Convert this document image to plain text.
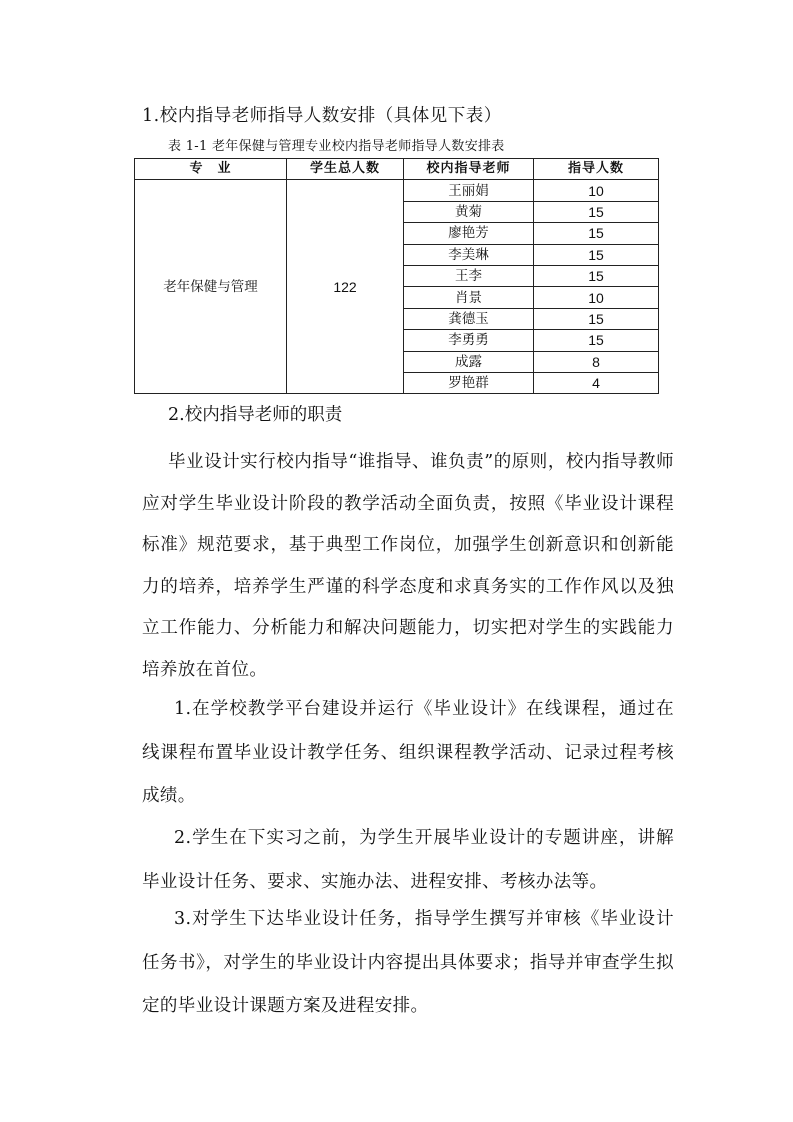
1.校内指导老师指导人数安排（具体见下表）
表 1-1 老年保健与管理专业校内指导老师指导人数安排表
专　业	学生总人数	校内指导老师	指导人数
老年保健与管理	122	王丽娟	10
		黄菊	15
		廖艳芳	15
		李美琳	15
		王李	15
		肖景	10
		龚德玉	15
		李勇勇	15
		成露	8
		罗艳群	4
2.校内指导老师的职责
毕业设计实行校内指导“谁指导、谁负责”的原则，校内指导教师应对学生毕业设计阶段的教学活动全面负责，按照《毕业设计课程标准》规范要求，基于典型工作岗位，加强学生创新意识和创新能力的培养，培养学生严谨的科学态度和求真务实的工作作风以及独立工作能力、分析能力和解决问题能力，切实把对学生的实践能力培养放在首位。
1.在学校教学平台建设并运行《毕业设计》在线课程，通过在线课程布置毕业设计教学任务、组织课程教学活动、记录过程考核成绩。
2.学生在下实习之前，为学生开展毕业设计的专题讲座，讲解毕业设计任务、要求、实施办法、进程安排、考核办法等。
3.对学生下达毕业设计任务，指导学生撰写并审核《毕业设计任务书》，对学生的毕业设计内容提出具体要求；指导并审查学生拟定的毕业设计课题方案及进程安排。
